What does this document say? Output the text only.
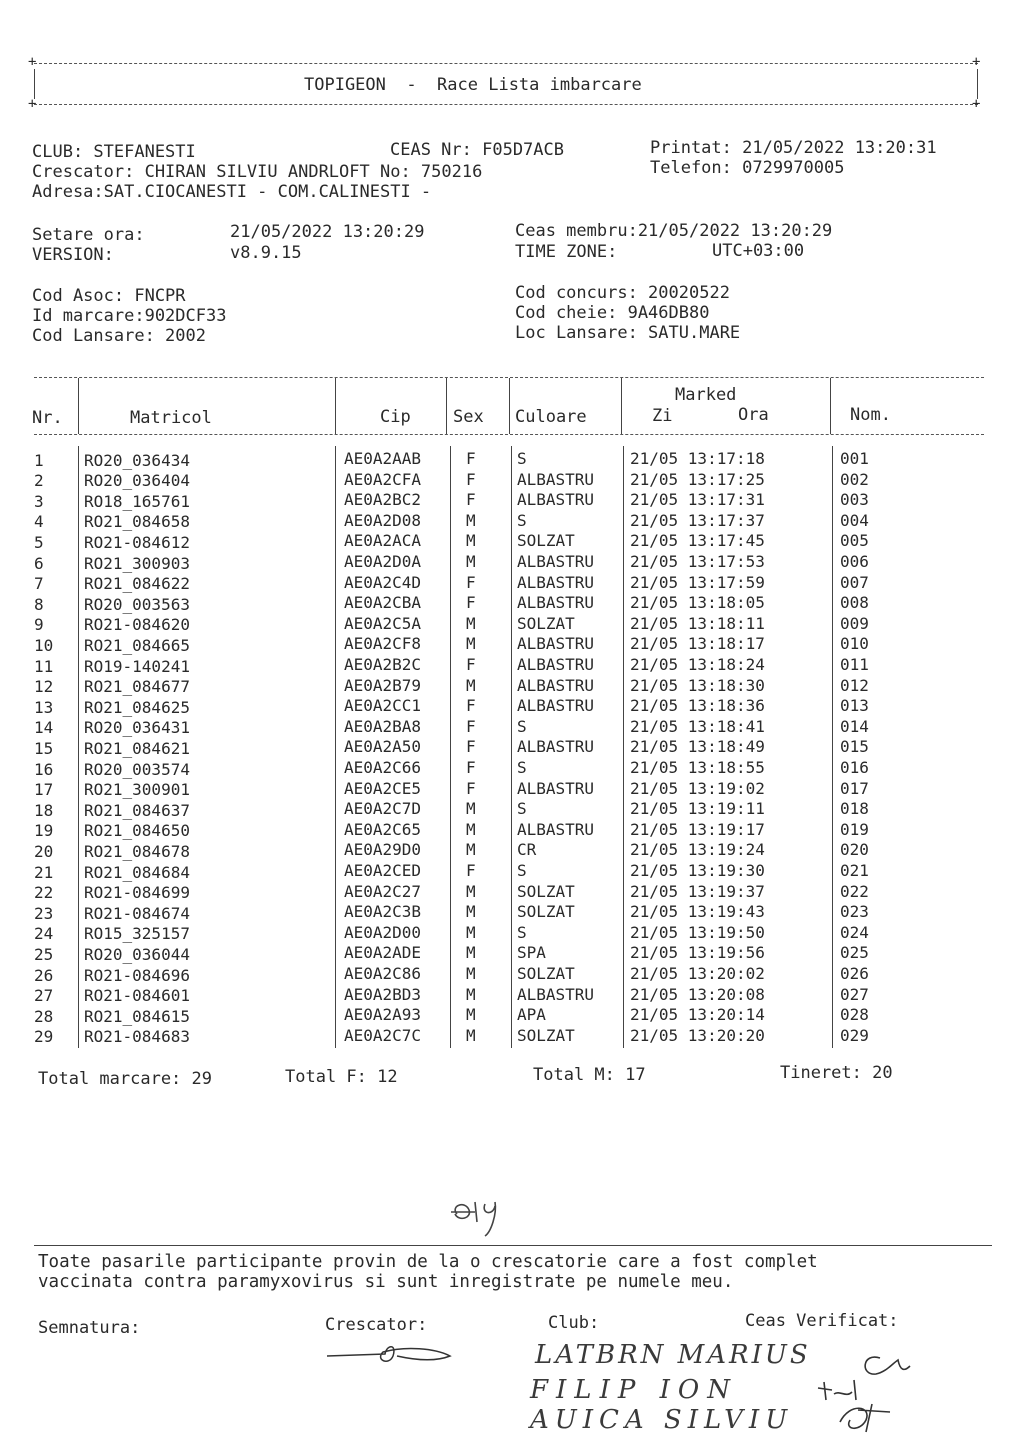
+	+
+	+
TOPIGEON  -  Race Lista imbarcare
CLUB: STEFANESTI	CEAS Nr: F05D7ACB	Printat: 21/05/2022 13:20:31
Crescator: CHIRAN SILVIU ANDRLOFT No: 750216	Telefon: 0729970005
Adresa:SAT.CIOCANESTI - COM.CALINESTI -
Setare ora:	21/05/2022 13:20:29	Ceas membru:21/05/2022 13:20:29
VERSION:	v8.9.15	TIME ZONE:	UTC+03:00
Cod Asoc: FNCPR	Cod concurs: 20020522
Id marcare:902DCF33	Cod cheie: 9A46DB80
Cod Lansare: 2002	Loc Lansare: SATU.MARE
Nr.	Matricol	Cip Sex Culoare
Marked
Zi	Ora	Nom.
1	RO20_036434	AE0A2AAB	F	S	21/05 13:17:18	001
2	RO20_036404	AE0A2CFA	F	ALBASTRU 21/05 13:17:25	002
3	RO18_165761	AE0A2BC2	F	ALBASTRU 21/05 13:17:31	003
4	RO21_084658	AE0A2D08	M	S	21/05 13:17:37	004
5	RO21-084612	AE0A2ACA	M	SOLZAT	21/05 13:17:45	005
6	RO21_300903	AE0A2D0A	M	ALBASTRU 21/05 13:17:53	006
7	RO21_084622	AE0A2C4D	F	ALBASTRU 21/05 13:17:59	007
8	RO20_003563	AE0A2CBA	F	ALBASTRU 21/05 13:18:05	008
9	RO21-084620	AE0A2C5A	M	SOLZAT	21/05 13:18:11	009
10 RO21_084665	AE0A2CF8	M	ALBASTRU 21/05 13:18:17	010
11 RO19-140241	AE0A2B2C	F	ALBASTRU 21/05 13:18:24	011
12 RO21_084677	AE0A2B79	M	ALBASTRU 21/05 13:18:30	012
13 RO21_084625	AE0A2CC1	F	ALBASTRU 21/05 13:18:36	013
14 RO20_036431	AE0A2BA8	F	S	21/05 13:18:41	014
15 RO21_084621	AE0A2A50	F	ALBASTRU 21/05 13:18:49	015
16 RO20_003574	AE0A2C66	F	S	21/05 13:18:55	016
17 RO21_300901	AE0A2CE5	F	ALBASTRU 21/05 13:19:02	017
18 RO21_084637	AE0A2C7D	M	S	21/05 13:19:11	018
19 RO21_084650	AE0A2C65	M	ALBASTRU 21/05 13:19:17	019
20 RO21_084678	AE0A29D0	M	CR	21/05 13:19:24	020
21 RO21_084684	AE0A2CED	F	S	21/05 13:19:30	021
22 RO21-084699	AE0A2C27	M	SOLZAT	21/05 13:19:37	022
23 RO21-084674	AE0A2C3B	M	SOLZAT	21/05 13:19:43	023
24 RO15_325157	AE0A2D00	M	S	21/05 13:19:50	024
25 RO20_036044	AE0A2ADE	M	SPA	21/05 13:19:56	025
26 RO21-084696	AE0A2C86	M	SOLZAT	21/05 13:20:02	026
27 RO21-084601	AE0A2BD3	M	ALBASTRU 21/05 13:20:08	027
28 RO21_084615	AE0A2A93	M	APA	21/05 13:20:14	028
29 RO21-084683	AE0A2C7C	M	SOLZAT	21/05 13:20:20	029
Total marcare: 29	Total F: 12	Total M: 17	Tineret: 20
Toate pasarile participante provin de la o crescatorie care a fost complet
vaccinata contra paramyxovirus si sunt inregistrate pe numele meu.
Semnatura:	Crescator:	Club:	Ceas Verificat:
LATBRN MARIUS
FILIP ION
AUICA SILVIU
